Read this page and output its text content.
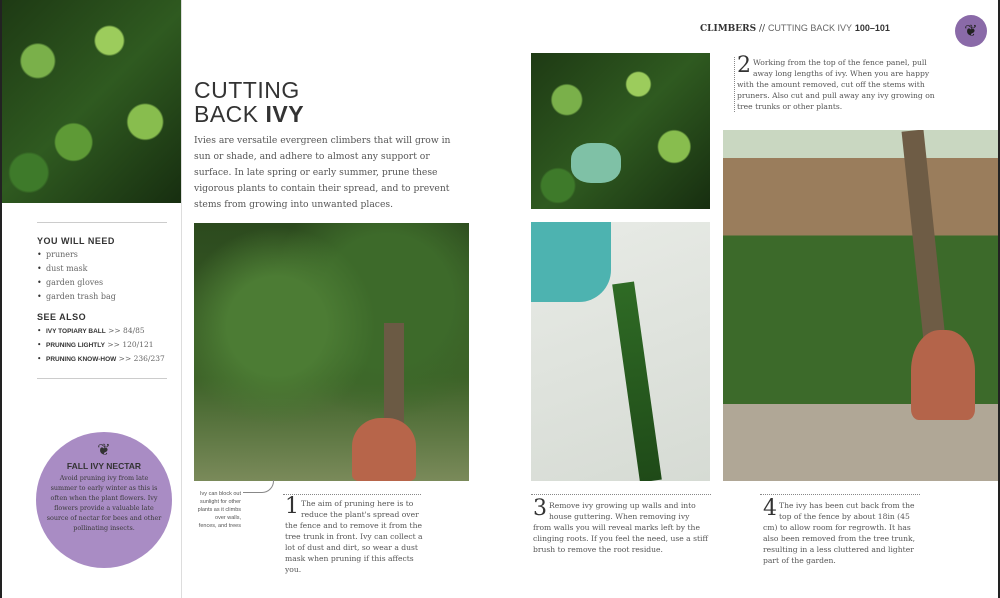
YOU WILL NEED
• pruners
• dust mask
• garden gloves
• garden trash bag
SEE ALSO
• IVY TOPIARY BALL >> 84/85
• PRUNING LIGHTLY >> 120/121
• PRUNING KNOW-HOW >> 236/237
❦
FALL IVY NECTAR
Avoid pruning ivy from late summer to early winter as this is often when the plant flowers. Ivy flowers provide a valuable late source of nectar for bees and other pollinating insects.
CUTTING
BACK IVY
Ivies are versatile evergreen climbers that will grow in sun or shade, and adhere to almost any support or surface. In late spring or early summer, prune these vigorous plants to contain their spread, and to prevent stems from growing into unwanted places.
Ivy can block out sunlight for other plants as it climbs over walls, fences, and trees
1 The aim of pruning here is to reduce the plant's spread over the fence and to remove it from the tree trunk in front. Ivy can collect a lot of dust and dirt, so wear a dust mask when pruning if this affects you.
CLIMBERS // CUTTING BACK IVY 100–101	❦
2 Working from the top of the fence panel, pull away long lengths of ivy. When you are happy with the amount removed, cut off the stems with pruners. Also cut and pull away any ivy growing on tree trunks or other plants.
3 Remove ivy growing up walls and into house guttering. When removing ivy from walls you will reveal marks left by the clinging roots. If you feel the need, use a stiff brush to remove the root residue.
4 The ivy has been cut back from the top of the fence by about 18in (45 cm) to allow room for regrowth. It has also been removed from the tree trunk, resulting in a less cluttered and lighter part of the garden.
